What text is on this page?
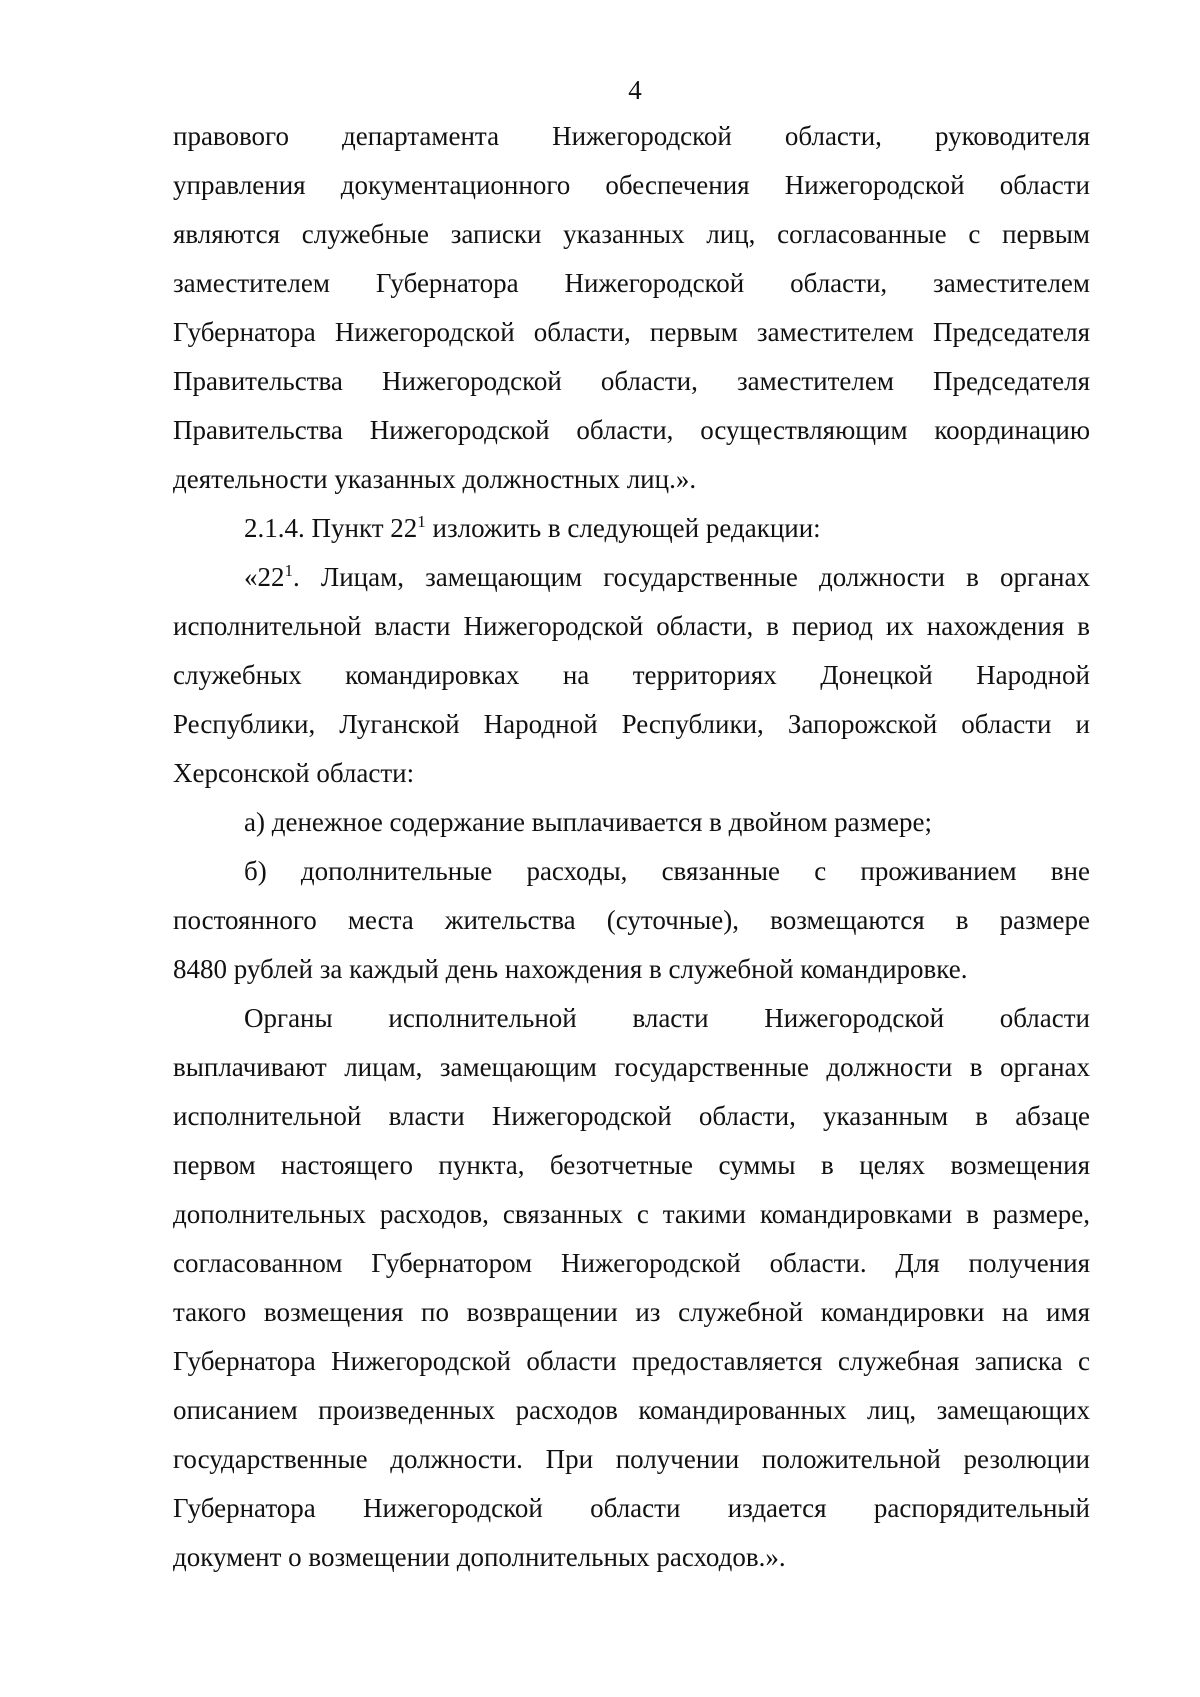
4
правового департамента Нижегородской области, руководителя
управления документационного обеспечения Нижегородской области
являются служебные записки указанных лиц, согласованные с первым
заместителем Губернатора Нижегородской области, заместителем
Губернатора Нижегородской области, первым заместителем Председателя
Правительства Нижегородской области, заместителем Председателя
Правительства Нижегородской области, осуществляющим координацию
деятельности указанных должностных лиц.».
2.1.4. Пункт $22^1$ изложить в следующей редакции:
«$22^1$. Лицам, замещающим государственные должности в органах
исполнительной власти Нижегородской области, в период их нахождения в
служебных командировках на территориях Донецкой Народной
Республики, Луганской Народной Республики, Запорожской области и
Херсонской области:
а) денежное содержание выплачивается в двойном размере;
б) дополнительные расходы, связанные с проживанием вне
постоянного места жительства (суточные), возмещаются в размере
8480 рублей за каждый день нахождения в служебной командировке.
Органы исполнительной власти Нижегородской области
выплачивают лицам, замещающим государственные должности в органах
исполнительной власти Нижегородской области, указанным в абзаце
первом настоящего пункта, безотчетные суммы в целях возмещения
дополнительных расходов, связанных с такими командировками в размере,
согласованном Губернатором Нижегородской области. Для получения
такого возмещения по возвращении из служебной командировки на имя
Губернатора Нижегородской области предоставляется служебная записка с
описанием произведенных расходов командированных лиц, замещающих
государственные должности. При получении положительной резолюции
Губернатора Нижегородской области издается распорядительный
документ о возмещении дополнительных расходов.».
